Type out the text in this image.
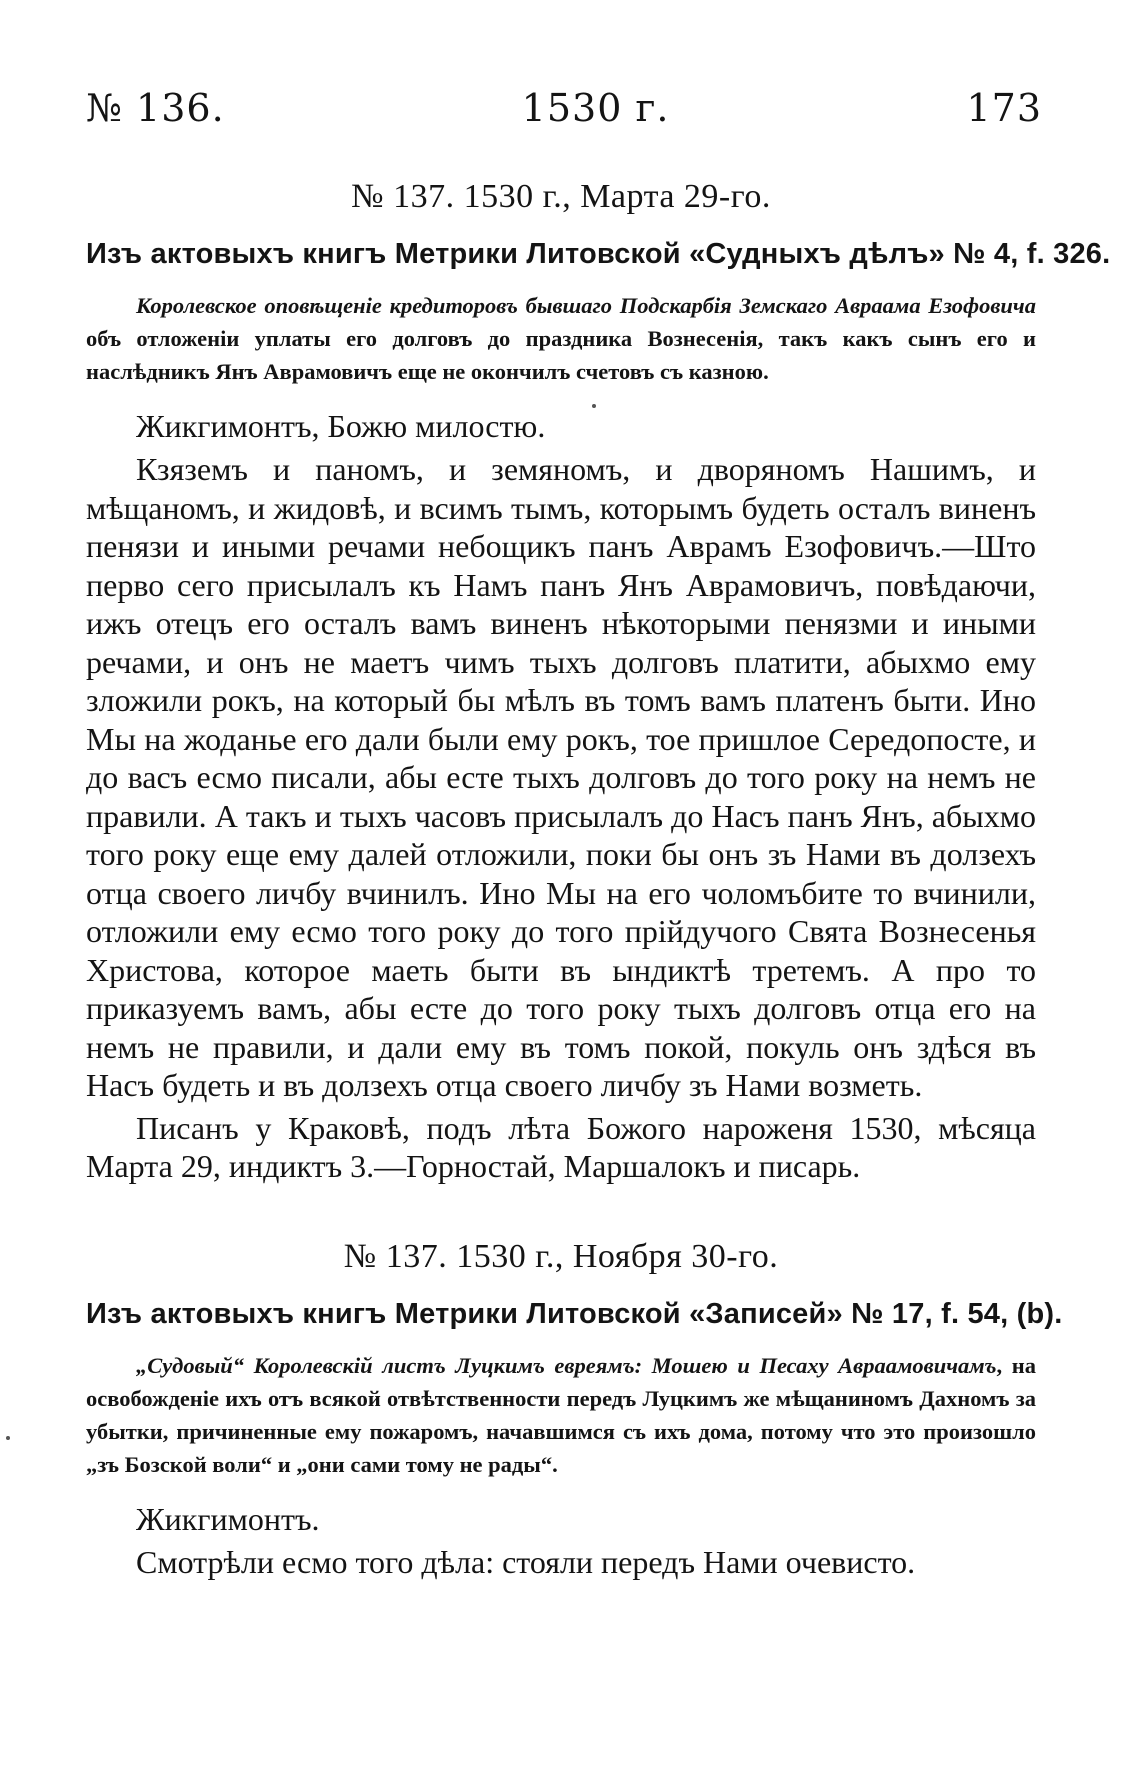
№ 136.	1530 г.	173
№ 137. 1530 г., Марта 29-го.
Изъ актовыхъ книгъ Метрики Литовской «Судныхъ дѣлъ» № 4, f. 326.
Королевское оповѣщеніе кредиторовъ бывшаго Подскарбія Земскаго Авраама Езофовича объ отложеніи уплаты его долговъ до праздника Вознесенія, такъ какъ сынъ его и наслѣдникъ Янъ Аврамовичъ еще не окончилъ счетовъ съ казною.
Жикгимонтъ, Божю милостю.
Кзяземъ и паномъ, и земяномъ, и дворяномъ Нашимъ, и мѣщаномъ, и жидовѣ, и всимъ тымъ, которымъ будеть осталъ виненъ пенязи и иными речами небощикъ панъ Аврамъ Езофовичъ.—Што перво сего присылалъ къ Намъ панъ Янъ Аврамовичъ, повѣдаючи, ижъ отецъ его осталъ вамъ виненъ нѣкоторыми пенязми и иными речами, и онъ не маетъ чимъ тыхъ долговъ платити, абыхмо ему зложили рокъ, на который бы мѣлъ въ томъ вамъ платенъ быти. Ино Мы на жоданье его дали были ему рокъ, тое пришлое Середопосте, и до васъ есмо писали, абы есте тыхъ долговъ до того року на немъ не правили. А такъ и тыхъ часовъ присылалъ до Насъ панъ Янъ, абыхмо того року еще ему далей отложили, поки бы онъ зъ Нами въ долзехъ отца своего личбу вчинилъ. Ино Мы на его чоломъбите то вчинили, отложили ему есмо того року до того прійдучого Свята Вознесенья Христова, которое маеть быти въ ындиктѣ третемъ. А про то приказуемъ вамъ, абы есте до того року тыхъ долговъ отца его на немъ не правили, и дали ему въ томъ покой, покуль онъ здѣся въ Насъ будеть и въ долзехъ отца своего личбу зъ Нами возметь.
Писанъ у Краковѣ, подъ лѣта Божого нароженя 1530, мѣсяца Марта 29, индиктъ 3.—Горностай, Маршалокъ и писарь.
№ 137. 1530 г., Ноября 30-го.
Изъ актовыхъ книгъ Метрики Литовской «Записей» № 17, f. 54, (b).
„Судовый“ Королевскій листъ Луцкимъ евреямъ: Мошею и Песаху Авраамовичамъ, на освобожденіе ихъ отъ всякой отвѣтственности передъ Луцкимъ же мѣщаниномъ Дахномъ за убытки, причиненные ему пожаромъ, начавшимся съ ихъ дома, потому что это произошло „зъ Бозской воли“ и „они сами тому не рады“.
Жикгимонтъ.
Смотрѣли есмо того дѣла: стояли передъ Нами очевисто.
